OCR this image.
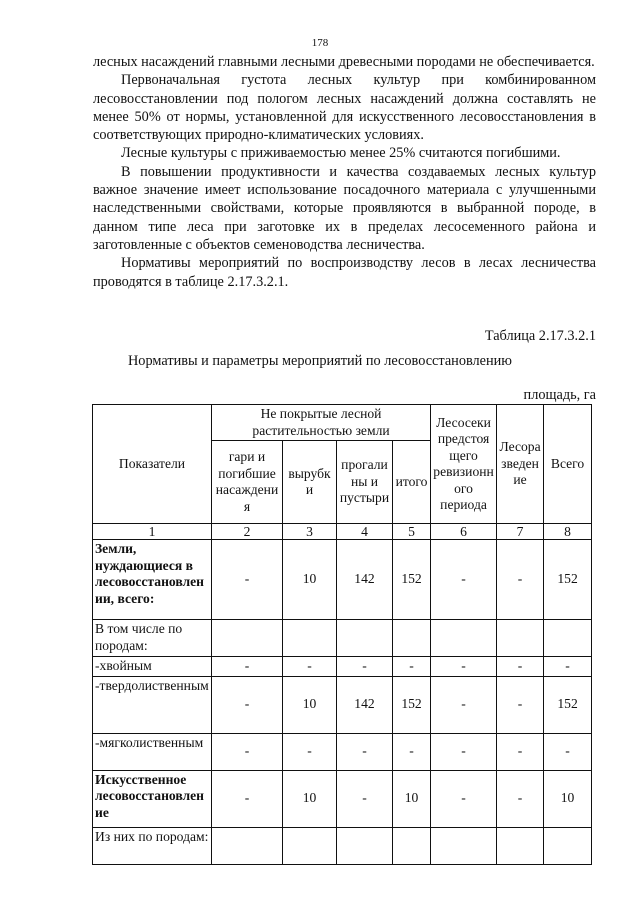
178

лесных насаждений главными лесными древесными породами не обеспечивается.

Первоначальная густота лесных культур при комбинированном лесовосстановлении под пологом лесных насаждений должна составлять не менее 50% от нормы, установленной для искусственного лесовосстановления в соответствующих природно-климатических условиях.

Лесные культуры с приживаемостью менее 25% считаются погибшими.

В повышении продуктивности и качества создаваемых лесных культур важное значение имеет использование посадочного материала с улучшенными наследственными свойствами, которые проявляются в выбранной породе, в данном типе леса при заготовке их в пределах лесосеменного района и заготовленные с объектов семеноводства лесничества.

Нормативы мероприятий по воспроизводству лесов в лесах лесничества проводятся в таблице 2.17.3.2.1.

Таблица 2.17.3.2.1
Нормативы и параметры мероприятий по лесовосстановлению
площадь, га
Показатели	Не покрытые лесной растительностью земли				Лесосеки предстоящего ревизионного периода	Лесоразведение	Всего
	гари и погибшие насаждения	вырубки	прогалины и пустыри	итого			
1	2	3	4	5	6	7	8
Земли, нуждающиеся в лесовосстановлении, всего:	-	10	142	152	-	-	152
В том числе по породам:							
-хвойным	-	-	-	-	-	-	-
-твердолиственным	-	10	142	152	-	-	152
-мягколиственным	-	-	-	-	-	-	-
Искусственное лесовосстановление	-	10	-	10	-	-	10
Из них по породам:							
